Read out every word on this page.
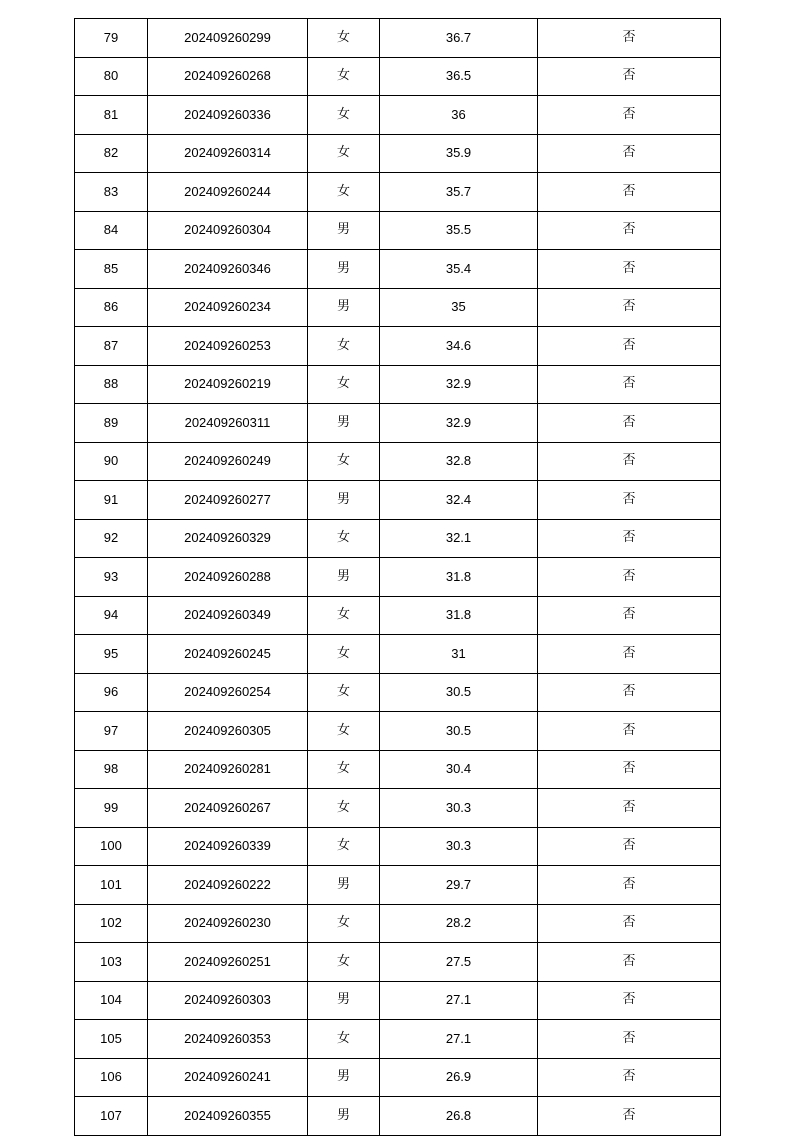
79	202409260299	女	36.7	否
80	202409260268	女	36.5	否
81	202409260336	女	36	否
82	202409260314	女	35.9	否
83	202409260244	女	35.7	否
84	202409260304	男	35.5	否
85	202409260346	男	35.4	否
86	202409260234	男	35	否
87	202409260253	女	34.6	否
88	202409260219	女	32.9	否
89	202409260311	男	32.9	否
90	202409260249	女	32.8	否
91	202409260277	男	32.4	否
92	202409260329	女	32.1	否
93	202409260288	男	31.8	否
94	202409260349	女	31.8	否
95	202409260245	女	31	否
96	202409260254	女	30.5	否
97	202409260305	女	30.5	否
98	202409260281	女	30.4	否
99	202409260267	女	30.3	否
100	202409260339	女	30.3	否
101	202409260222	男	29.7	否
102	202409260230	女	28.2	否
103	202409260251	女	27.5	否
104	202409260303	男	27.1	否
105	202409260353	女	27.1	否
106	202409260241	男	26.9	否
107	202409260355	男	26.8	否
